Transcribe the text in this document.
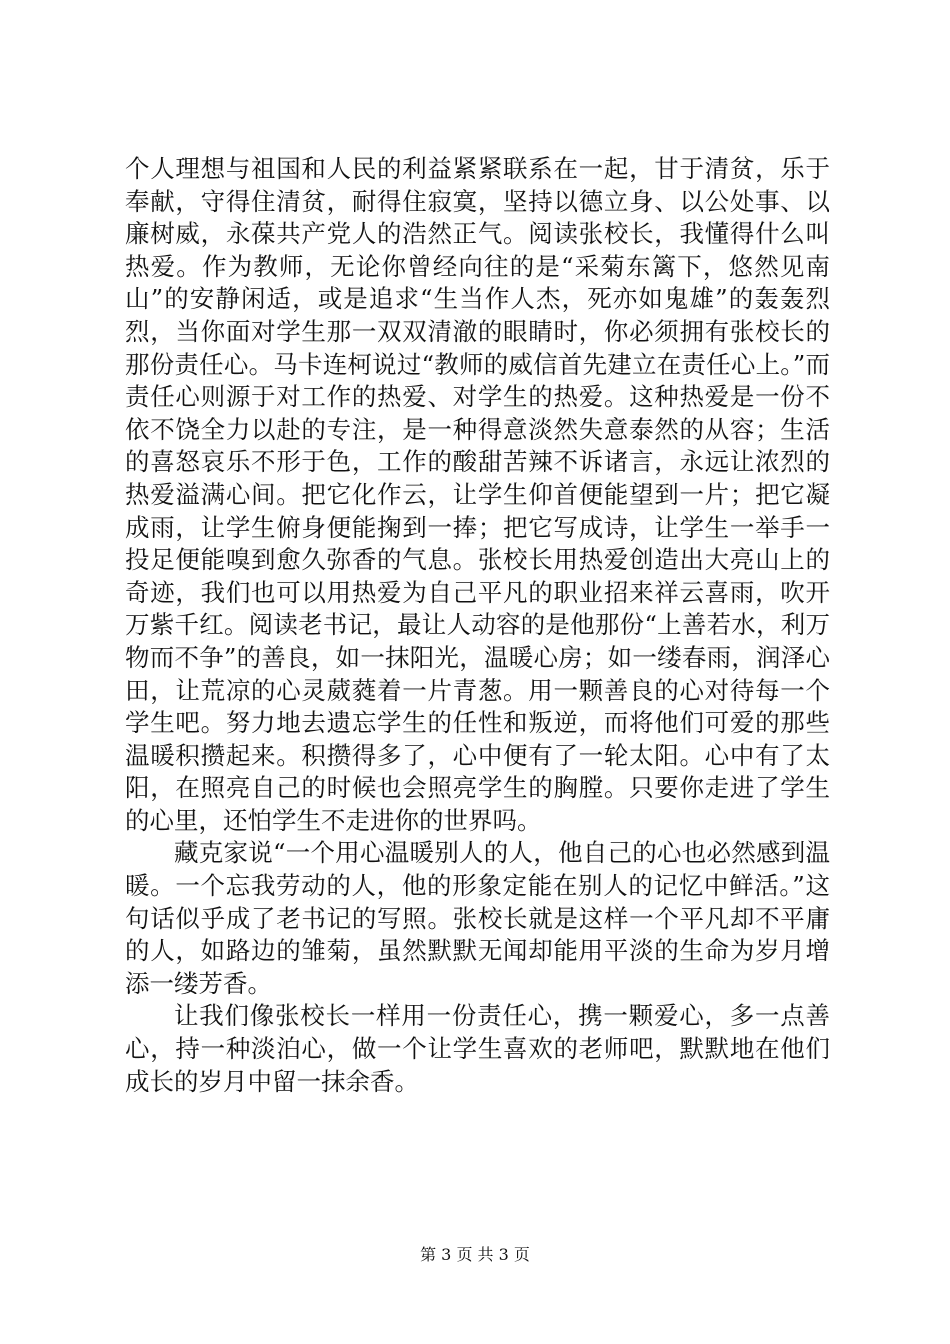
个人理想与祖国和人民的利益紧紧联系在一起，甘于清贫，乐于奉献，守得住清贫，耐得住寂寞，坚持以德立身、以公处事、以廉树威，永葆共产党人的浩然正气。阅读张校长，我懂得什么叫热爱。作为教师，无论你曾经向往的是“采菊东篱下，悠然见南山”的安静闲适，或是追求“生当作人杰，死亦如鬼雄”的轰轰烈烈，当你面对学生那一双双清澈的眼睛时，你必须拥有张校长的那份责任心。马卡连柯说过“教师的威信首先建立在责任心上。”而责任心则源于对工作的热爱、对学生的热爱。这种热爱是一份不依不饶全力以赴的专注，是一种得意淡然失意泰然的从容；生活的喜怒哀乐不形于色，工作的酸甜苦辣不诉诸言，永远让浓烈的热爱溢满心间。把它化作云，让学生仰首便能望到一片；把它凝成雨，让学生俯身便能掬到一捧；把它写成诗，让学生一举手一投足便能嗅到愈久弥香的气息。张校长用热爱创造出大亮山上的奇迹，我们也可以用热爱为自己平凡的职业招来祥云喜雨，吹开万紫千红。阅读老书记，最让人动容的是他那份“上善若水，利万物而不争”的善良，如一抹阳光，温暖心房；如一缕春雨，润泽心田，让荒凉的心灵葳蕤着一片青葱。用一颗善良的心对待每一个学生吧。努力地去遗忘学生的任性和叛逆，而将他们可爱的那些温暖积攒起来。积攒得多了，心中便有了一轮太阳。心中有了太阳，在照亮自己的时候也会照亮学生的胸膛。只要你走进了学生的心里，还怕学生不走进你的世界吗。

藏克家说“一个用心温暖别人的人，他自己的心也必然感到温暖。一个忘我劳动的人，他的形象定能在别人的记忆中鲜活。”这句话似乎成了老书记的写照。张校长就是这样一个平凡却不平庸的人，如路边的雏菊，虽然默默无闻却能用平淡的生命为岁月增添一缕芳香。

让我们像张校长一样用一份责任心，携一颗爱心，多一点善心，持一种淡泊心，做一个让学生喜欢的老师吧，默默地在他们成长的岁月中留一抹余香。

第 3 页 共 3 页
